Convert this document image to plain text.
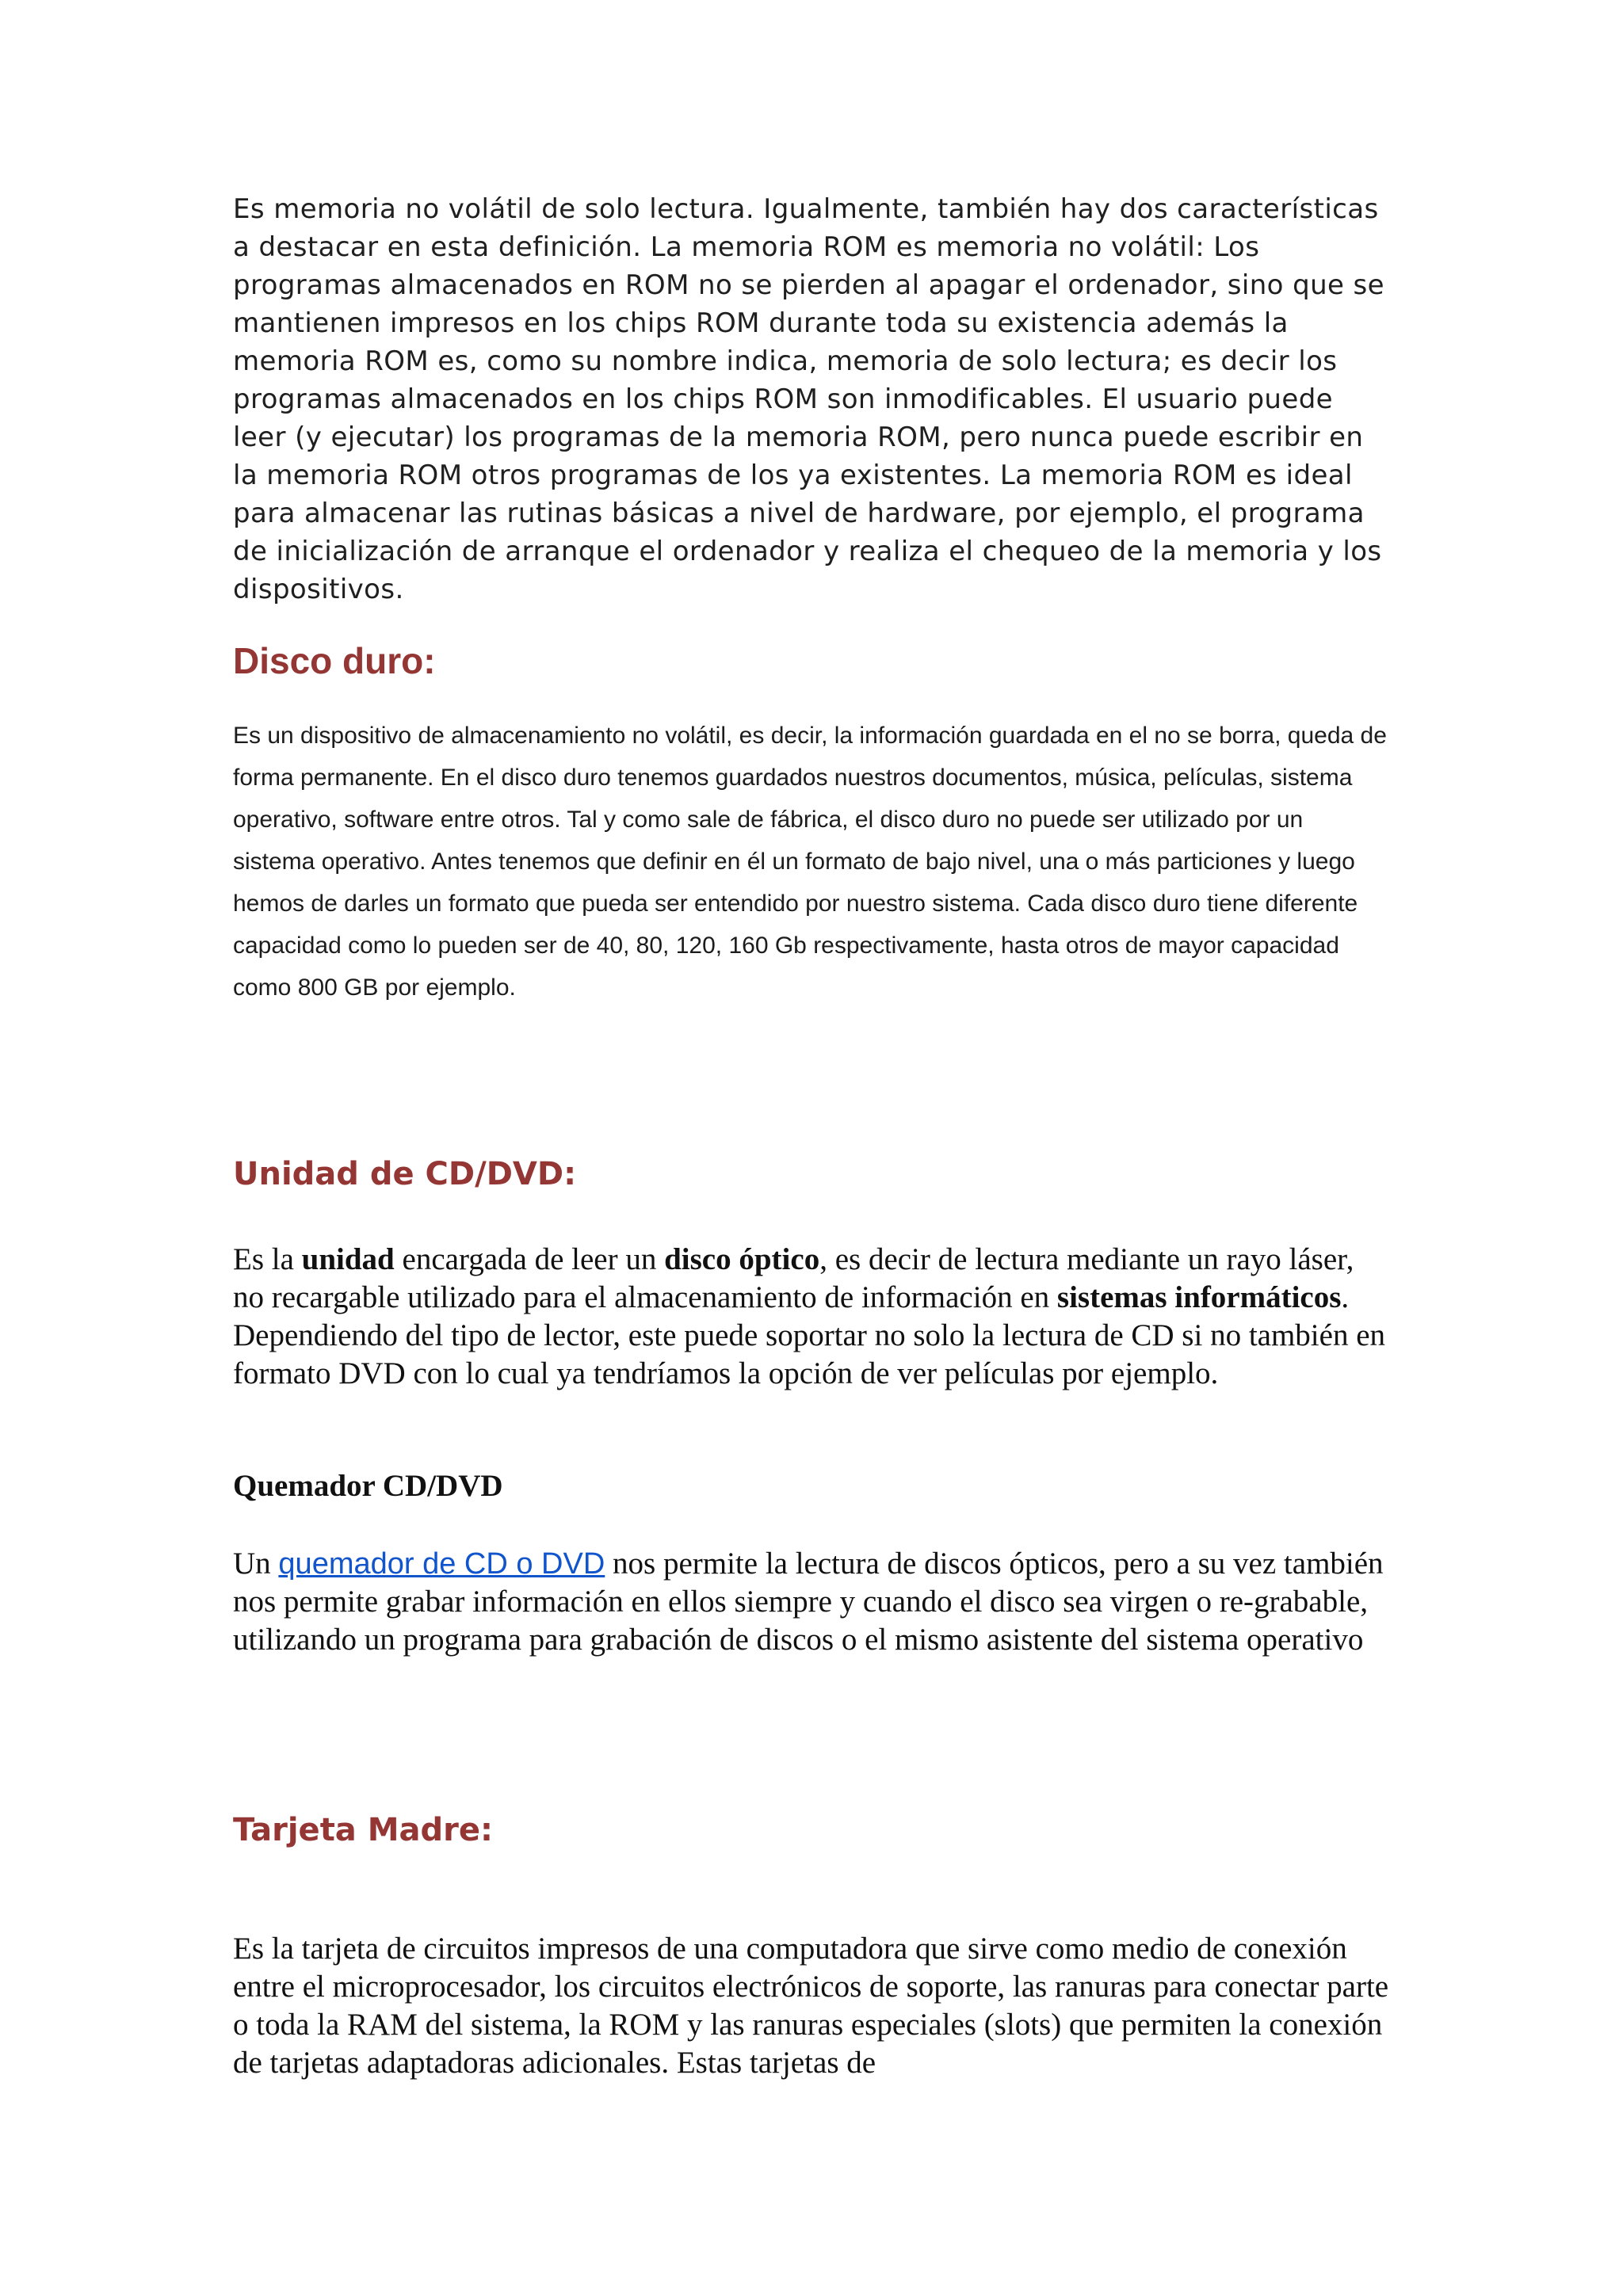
Es memoria no volátil de solo lectura. Igualmente, también hay dos características a destacar en esta definición. La memoria ROM es memoria no volátil: Los programas almacenados en ROM no se pierden al apagar el ordenador, sino que se mantienen impresos en los chips ROM durante toda su existencia además la memoria ROM es, como su nombre indica, memoria de solo lectura; es decir los programas almacenados en los chips ROM son inmodificables. El usuario puede leer (y ejecutar) los programas de la memoria ROM, pero nunca puede escribir en la memoria ROM otros programas de los ya existentes. La memoria ROM es ideal para almacenar las rutinas básicas a nivel de hardware, por ejemplo, el programa de inicialización de arranque el ordenador y realiza el chequeo de la memoria y los dispositivos.

Disco duro:

Es un dispositivo de almacenamiento no volátil, es decir, la información guardada en el no se borra, queda de forma permanente. En el disco duro tenemos guardados nuestros documentos, música, películas, sistema operativo, software entre otros. Tal y como sale de fábrica, el disco duro no puede ser utilizado por un sistema operativo. Antes tenemos que definir en él un formato de bajo nivel, una o más particiones y luego hemos de darles un formato que pueda ser entendido por nuestro sistema. Cada disco duro tiene diferente capacidad como lo pueden ser de 40, 80, 120, 160 Gb respectivamente, hasta otros de mayor capacidad como 800 GB por ejemplo.

Unidad de CD/DVD:

Es la unidad encargada de leer un disco óptico, es decir de lectura mediante un rayo láser, no recargable utilizado para el almacenamiento de información en sistemas informáticos. Dependiendo del tipo de lector, este puede soportar no solo la lectura de CD si no también en formato DVD con lo cual ya tendríamos la opción de ver películas por ejemplo.

Quemador CD/DVD

Un quemador de CD o DVD nos permite la lectura de discos ópticos, pero a su vez también nos permite grabar información en ellos siempre y cuando el disco sea virgen o re-grabable, utilizando un programa para grabación de discos o el mismo asistente del sistema operativo

Tarjeta Madre:

Es la tarjeta de circuitos impresos de una computadora que sirve como medio de conexión entre el microprocesador, los circuitos electrónicos de soporte, las ranuras para conectar parte o toda la RAM del sistema, la ROM y las ranuras especiales (slots) que permiten la conexión de tarjetas adaptadoras adicionales. Estas tarjetas de
